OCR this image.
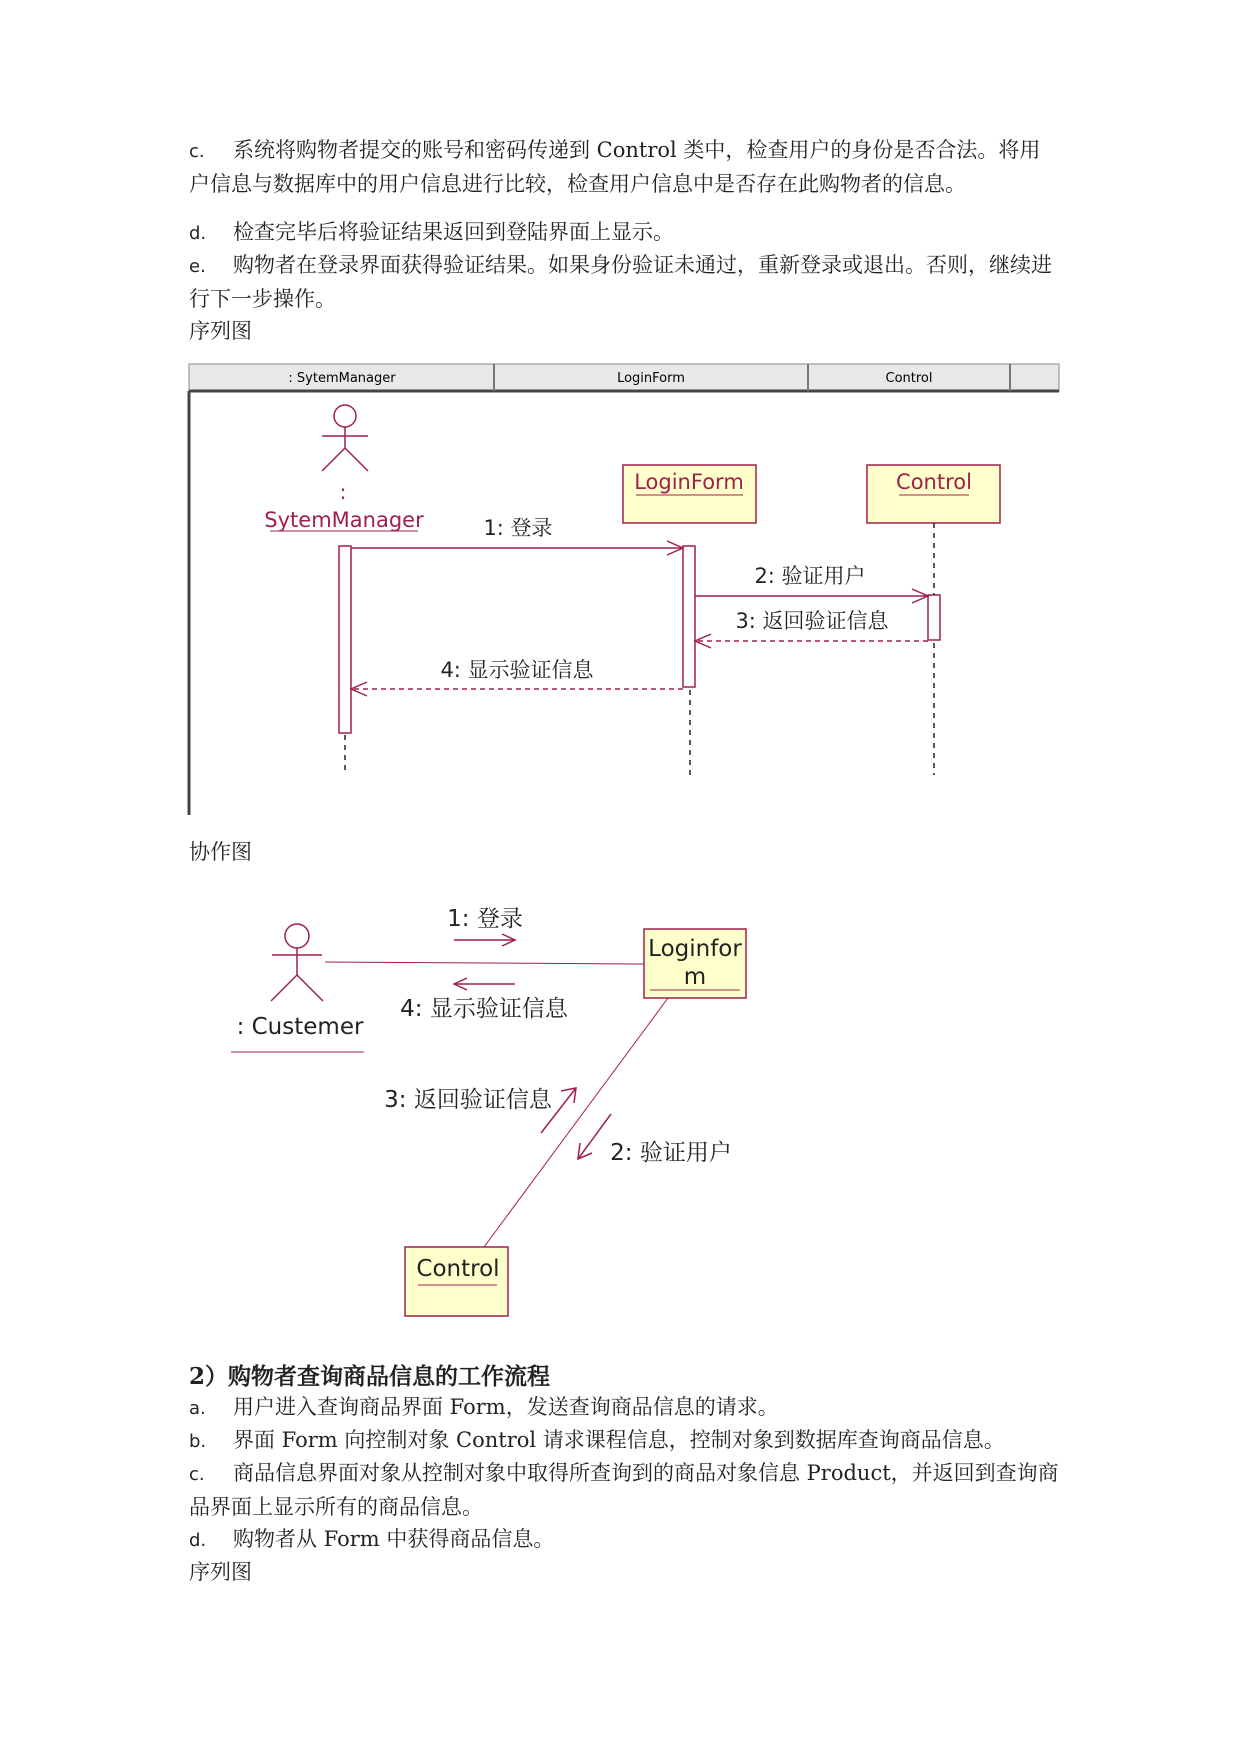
c. 系统将购物者提交的账号和密码传递到 Control 类中，检查用户的身份是否合法。将用户信息与数据库中的用户信息进行比较，检查用户信息中是否存在此购物者的信息。
d. 检查完毕后将验证结果返回到登陆界面上显示。
e. 购物者在登录界面获得验证结果。如果身份验证未通过，重新登录或退出。否则，继续进行下一步操作。
序列图
: SytemManager	LoginForm	Control
:
SytemManager
LoginForm	Control
1: 登录
2: 验证用户
3: 返回验证信息
4: 显示验证信息
协作图
: Custemer
Loginfor
m
Control
1: 登录
4: 显示验证信息
3: 返回验证信息
2: 验证用户
2）购物者查询商品信息的工作流程
a. 用户进入查询商品界面 Form，发送查询商品信息的请求。
b. 界面 Form 向控制对象 Control 请求课程信息，控制对象到数据库查询商品信息。
c. 商品信息界面对象从控制对象中取得所查询到的商品对象信息 Product，并返回到查询商品界面上显示所有的商品信息。
d. 购物者从 Form 中获得商品信息。
序列图
